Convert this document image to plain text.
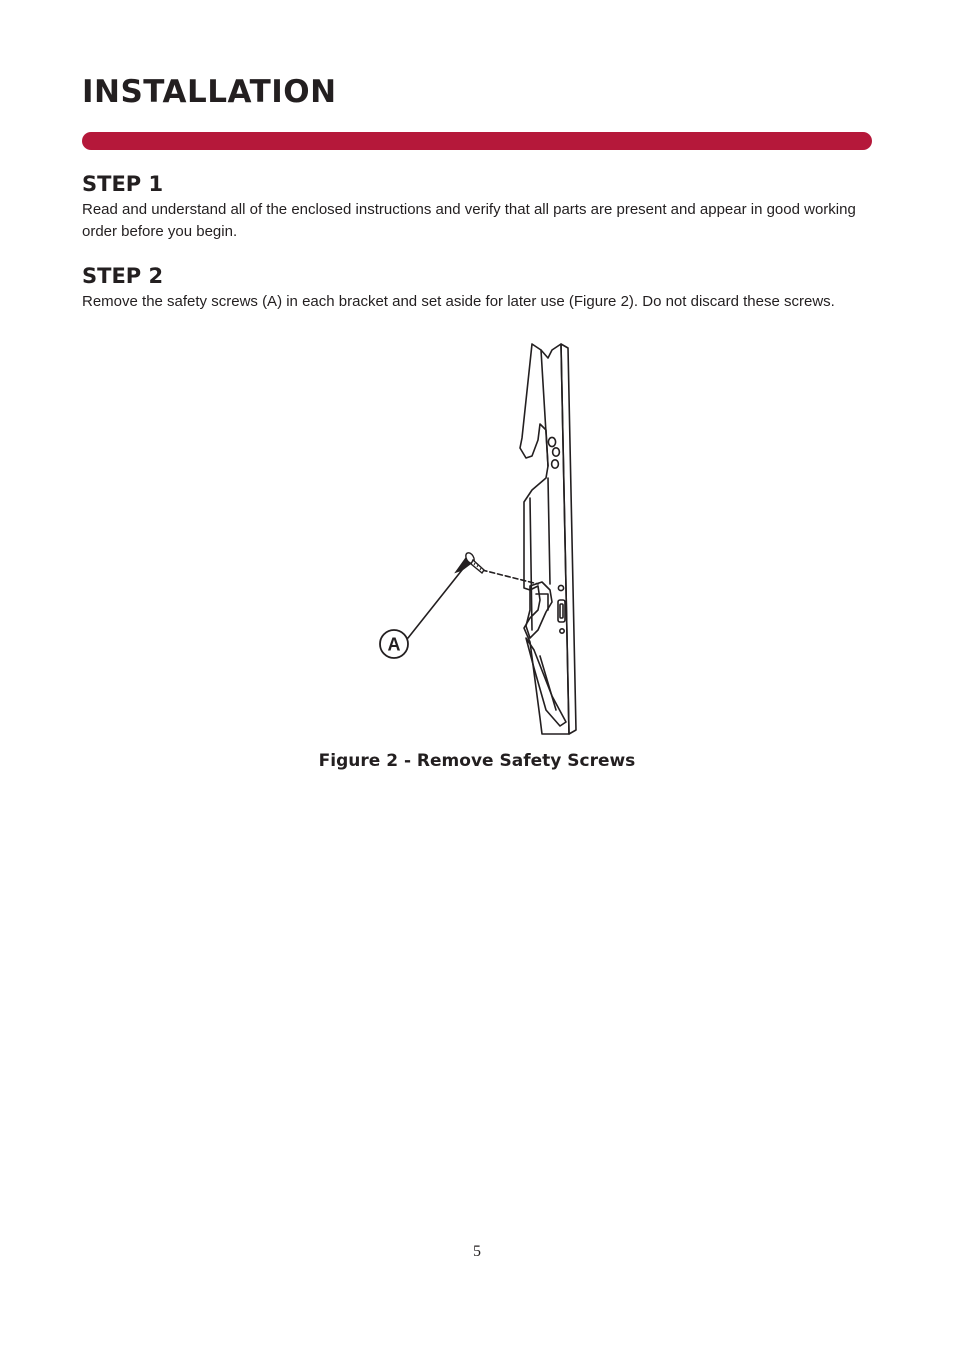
INSTALLATION
STEP 1

Read and understand all of the enclosed instructions and verify that all parts are present and appear in good working order before you begin.

STEP 2

Remove the safety screws (A) in each bracket and set aside for later use (Figure 2). Do not discard these screws.

A

Figure 2 - Remove Safety Screws

5
